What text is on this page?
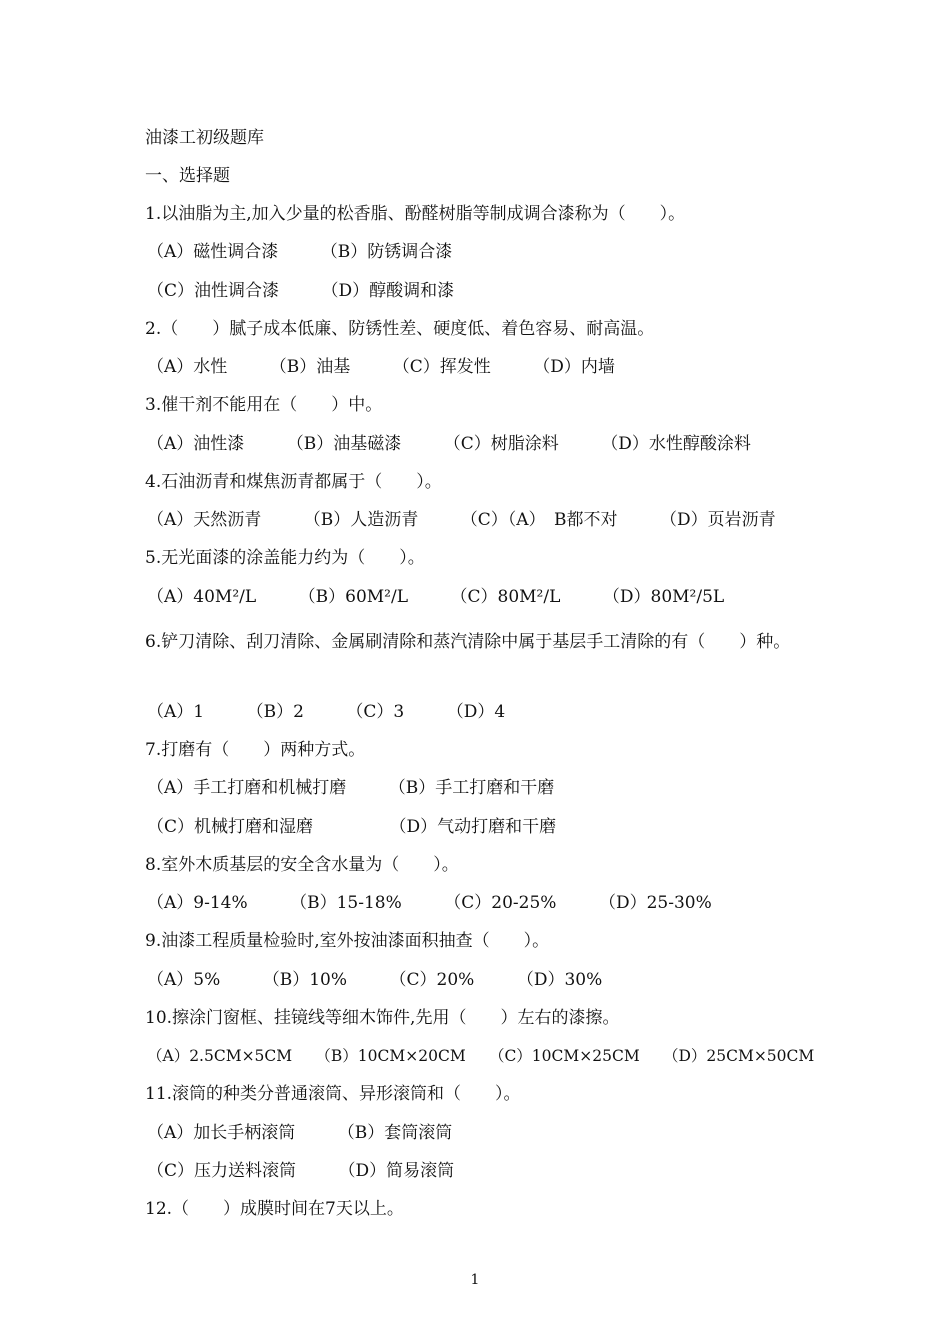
油漆工初级题库
一、选择题
1.以油脂为主,加入少量的松香脂、酚醛树脂等制成调合漆称为（　　）。
（A）磁性调合漆　　　（B）防锈调合漆
（C）油性调合漆　　　（D）醇酸调和漆
2.（　　）腻子成本低廉、防锈性差、硬度低、着色容易、耐高温。
（A）水性　　　（B）油基　　　（C）挥发性　　　（D）内墙
3.催干剂不能用在（　　）中。
（A）油性漆　　　（B）油基磁漆　　　（C）树脂涂料　　　（D）水性醇酸涂料
4.石油沥青和煤焦沥青都属于（　　）。
（A）天然沥青　　　（B）人造沥青　　　（C）（A）　B都不对　　　（D）页岩沥青
5.无光面漆的涂盖能力约为（　　）。
（A）40M²/L　　　（B）60M²/L　　　（C）80M²/L　　　（D）80M²/5L
6.铲刀清除、刮刀清除、金属刷清除和蒸汽清除中属于基层手工清除的有（　　）种。
（A）1　　　（B）2　　　（C）3　　　（D）4
7.打磨有（　　）两种方式。
（A）手工打磨和机械打磨　　　（B）手工打磨和干磨
（C）机械打磨和湿磨　　　　　（D）气动打磨和干磨
8.室外木质基层的安全含水量为（　　）。
（A）9-14%　　　（B）15-18%　　　（C）20-25%　　　（D）25-30%
9.油漆工程质量检验时,室外按油漆面积抽查（　　）。
（A）5%　　　（B）10%　　　（C）20%　　　（D）30%
10.擦涂门窗框、挂镜线等细木饰件,先用（　　）左右的漆擦。
（A）2.5CM×5CM　　（B）10CM×20CM　　（C）10CM×25CM　　（D）25CM×50CM
11.滚筒的种类分普通滚筒、异形滚筒和（　　）。
（A）加长手柄滚筒　　　（B）套筒滚筒
（C）压力送料滚筒　　　（D）简易滚筒
12.（　　）成膜时间在7天以上。
1
